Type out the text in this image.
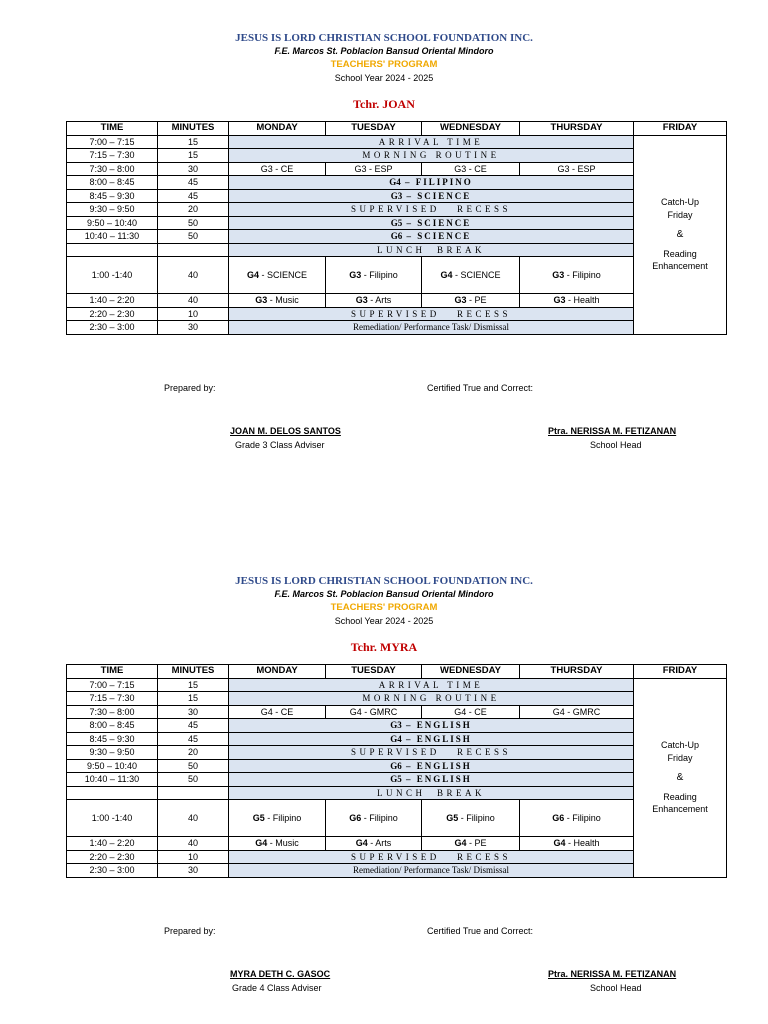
JESUS IS LORD CHRISTIAN SCHOOL FOUNDATION INC.
F.E. Marcos St. Poblacion Bansud Oriental Mindoro
TEACHERS' PROGRAM
School Year 2024 - 2025
Tchr. JOAN
TIME	MINUTES	MONDAY	TUESDAY	WEDNESDAY	THURSDAY	FRIDAY
7:00 – 7:15	15	ARRIVAL TIME				Catch-Up
Friday
&
Reading
Enhancement

7:15 – 7:30	15	MORNING ROUTINE				
7:30 – 8:00	30	G3 - CE	G3 - ESP	G3 - CE	G3 - ESP	
8:00 – 8:45	45	G4 – FILIPINO				
8:45 – 9:30	45	G3 – SCIENCE				
9:30 – 9:50	20	SUPERVISED   RECESS				
9:50 – 10:40	50	G5 – SCIENCE				
10:40 – 11:30	50	G6 – SCIENCE				
		LUNCH  BREAK				
1:00 -1:40	40	G4 - SCIENCE	G3 - Filipino	G4 - SCIENCE	G3 - Filipino	
1:40 – 2:20	40	G3 - Music	G3 - Arts	G3 - PE	G3 - Health	
2:20 – 2:30	10	SUPERVISED   RECESS				
2:30 – 3:00	30	Remediation/ Performance Task/ Dismissal				
Prepared by:	Certified True and Correct:
JOAN M. DELOS SANTOS
Grade 3 Class Adviser
Ptra. NERISSA M. FETIZANAN
School Head
JESUS IS LORD CHRISTIAN SCHOOL FOUNDATION INC.
F.E. Marcos St. Poblacion Bansud Oriental Mindoro
TEACHERS' PROGRAM
School Year 2024 - 2025
Tchr. MYRA
TIME	MINUTES	MONDAY	TUESDAY	WEDNESDAY	THURSDAY	FRIDAY
7:00 – 7:15	15	ARRIVAL TIME				Catch-Up
Friday
&
Reading
Enhancement

7:15 – 7:30	15	MORNING ROUTINE				
7:30 – 8:00	30	G4 - CE	G4 - GMRC	G4 - CE	G4 - GMRC	
8:00 – 8:45	45	G3 – ENGLISH				
8:45 – 9:30	45	G4 – ENGLISH				
9:30 – 9:50	20	SUPERVISED   RECESS				
9:50 – 10:40	50	G6 – ENGLISH				
10:40 – 11:30	50	G5 – ENGLISH				
		LUNCH  BREAK				
1:00 -1:40	40	G5 - Filipino	G6 - Filipino	G5 - Filipino	G6 - Filipino	
1:40 – 2:20	40	G4 - Music	G4 - Arts	G4 - PE	G4 - Health	
2:20 – 2:30	10	SUPERVISED   RECESS				
2:30 – 3:00	30	Remediation/ Performance Task/ Dismissal				
Prepared by:	Certified True and Correct:
MYRA DETH C. GASOC
Grade 4 Class Adviser
Ptra. NERISSA M. FETIZANAN
School Head
